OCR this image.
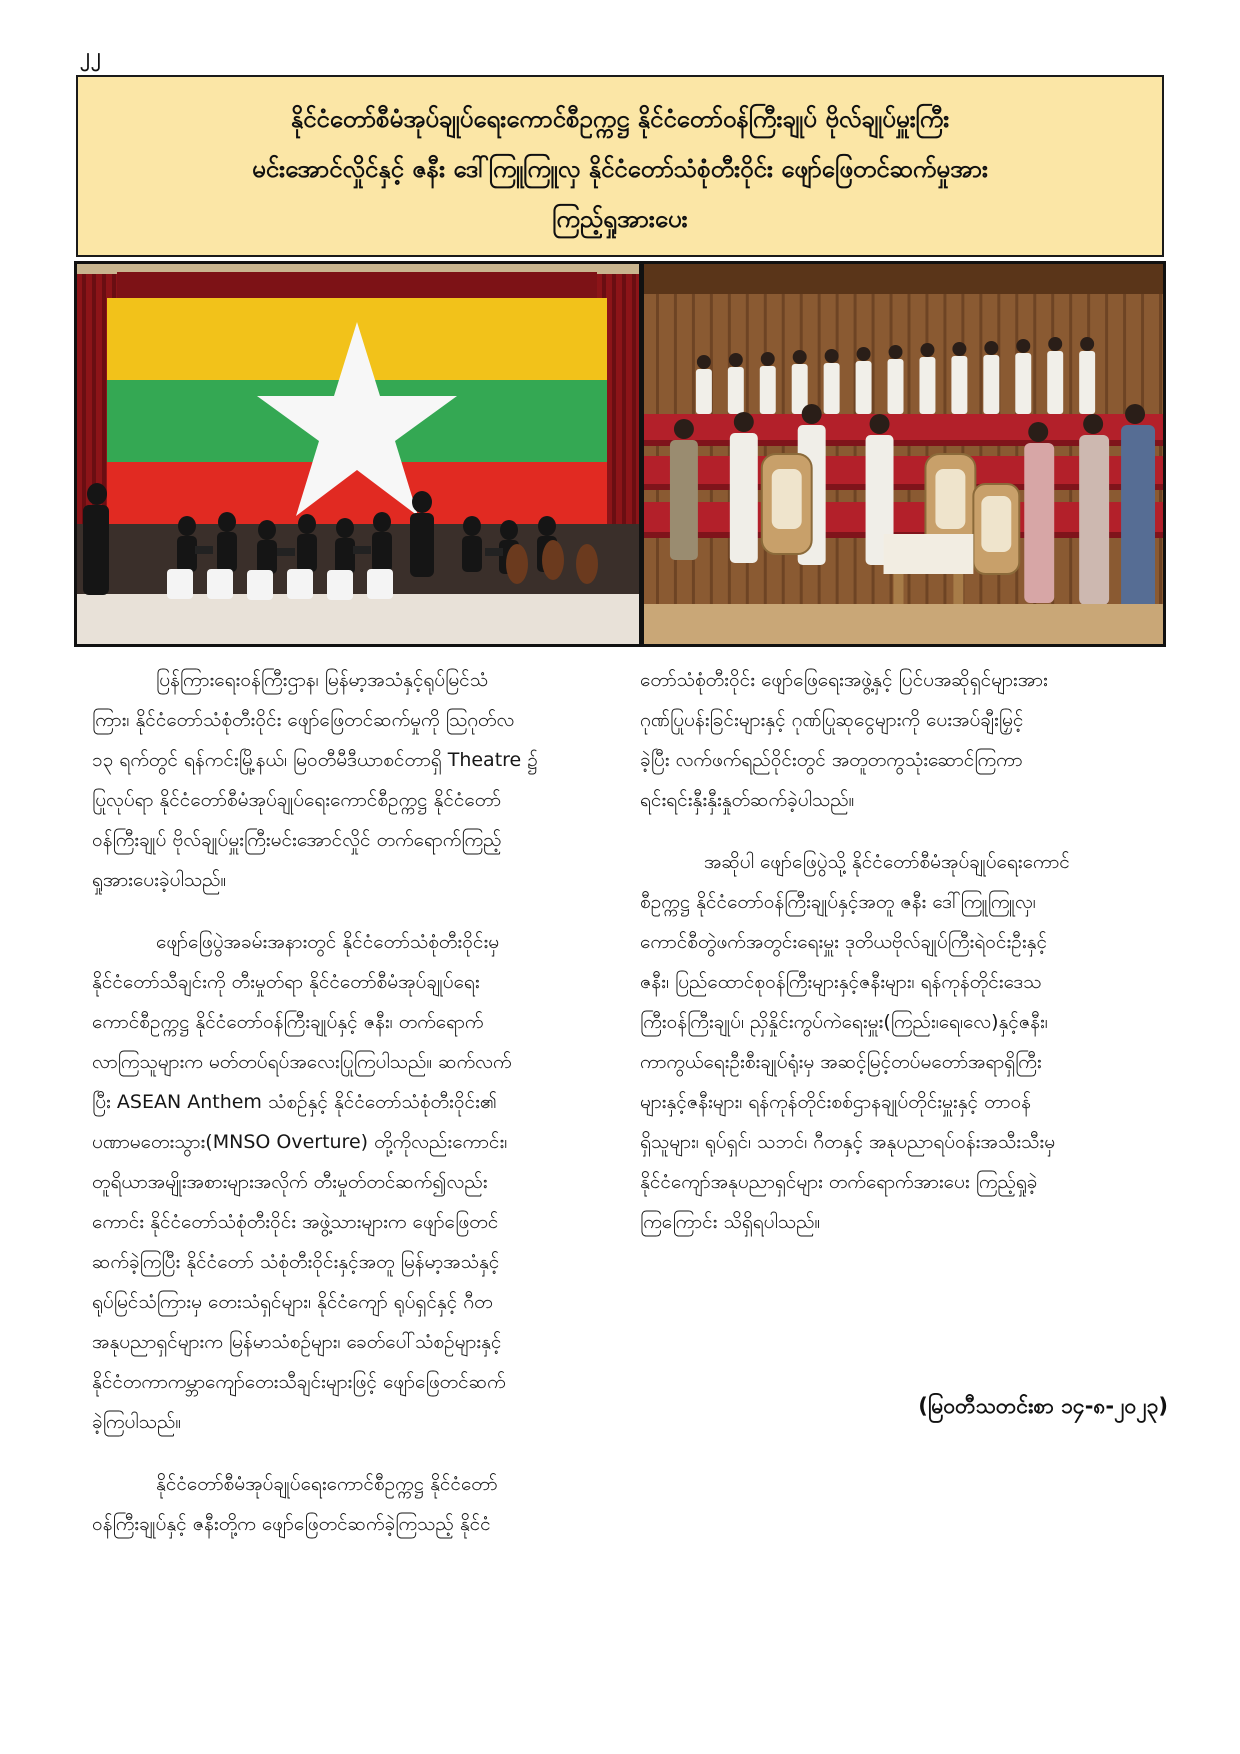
၂၂
နိုင်ငံတော်စီမံအုပ်ချုပ်ရေးကောင်စီဥက္ကဋ္ဌ နိုင်ငံတော်ဝန်ကြီးချုပ် ဗိုလ်ချုပ်မှူးကြီး
မင်းအောင်လှိုင်နှင့် ဇနီး ဒေါ်ကြူကြူလှ နိုင်ငံတော်သံစုံတီးဝိုင်း ဖျော်ဖြေတင်ဆက်မှုအား
ကြည့်ရှုအားပေး
ပြန်ကြားရေးဝန်ကြီးဌာန၊ မြန်မာ့အသံနှင့်ရုပ်မြင်သံ
ကြား၊ နိုင်ငံတော်သံစုံတီးဝိုင်း ဖျော်ဖြေတင်ဆက်မှုကို ဩဂုတ်လ
၁၃ ရက်တွင် ရန်ကင်းမြို့နယ်၊ မြဝတီမီဒီယာစင်တာရှိ Theatre ၌
ပြုလုပ်ရာ နိုင်ငံတော်စီမံအုပ်ချုပ်ရေးကောင်စီဥက္ကဋ္ဌ နိုင်ငံတော်
ဝန်ကြီးချုပ် ဗိုလ်ချုပ်မှူးကြီးမင်းအောင်လှိုင် တက်ရောက်ကြည့်
ရှုအားပေးခဲ့ပါသည်။
ဖျော်ဖြေပွဲအခမ်းအနားတွင် နိုင်ငံတော်သံစုံတီးဝိုင်းမှ
နိုင်ငံတော်သီချင်းကို တီးမှုတ်ရာ နိုင်ငံတော်စီမံအုပ်ချုပ်ရေး
ကောင်စီဥက္ကဋ္ဌ နိုင်ငံတော်ဝန်ကြီးချုပ်နှင့် ဇနီး၊ တက်ရောက်
လာကြသူများက မတ်တပ်ရပ်အလေးပြုကြပါသည်။ ဆက်လက်
ပြီး ASEAN Anthem သံစဉ်နှင့် နိုင်ငံတော်သံစုံတီးဝိုင်း၏
ပဏာမတေးသွား(MNSO Overture) တို့ကိုလည်းကောင်း၊
တူရိယာအမျိုးအစားများအလိုက် တီးမှုတ်တင်ဆက်၍လည်း
ကောင်း နိုင်ငံတော်သံစုံတီးဝိုင်း အဖွဲ့သားများက ဖျော်ဖြေတင်
ဆက်ခဲ့ကြပြီး နိုင်ငံတော် သံစုံတီးဝိုင်းနှင့်အတူ မြန်မာ့အသံနှင့်
ရုပ်မြင်သံကြားမှ တေးသံရှင်များ၊ နိုင်ငံကျော် ရုပ်ရှင်နှင့် ဂီတ
အနုပညာရှင်များက မြန်မာသံစဉ်များ၊ ခေတ်ပေါ်သံစဉ်များနှင့်
နိုင်ငံတကာကမ္ဘာကျော်တေးသီချင်းများဖြင့် ဖျော်ဖြေတင်ဆက်
ခဲ့ကြပါသည်။
နိုင်ငံတော်စီမံအုပ်ချုပ်ရေးကောင်စီဥက္ကဋ္ဌ နိုင်ငံတော်
ဝန်ကြီးချုပ်နှင့် ဇနီးတို့က ဖျော်ဖြေတင်ဆက်ခဲ့ကြသည့် နိုင်ငံ
တော်သံစုံတီးဝိုင်း ဖျော်ဖြေရေးအဖွဲ့နှင့် ပြင်ပအဆိုရှင်များအား
ဂုဏ်ပြုပန်းခြင်းများနှင့် ဂုဏ်ပြုဆုငွေများကို ပေးအပ်ချီးမြှင့်
ခဲ့ပြီး လက်ဖက်ရည်ဝိုင်းတွင် အတူတကွသုံးဆောင်ကြကာ
ရင်းရင်းနှီးနှီးနှုတ်ဆက်ခဲ့ပါသည်။
အဆိုပါ ဖျော်ဖြေပွဲသို့ နိုင်ငံတော်စီမံအုပ်ချုပ်ရေးကောင်
စီဥက္ကဋ္ဌ နိုင်ငံတော်ဝန်ကြီးချုပ်နှင့်အတူ ဇနီး ဒေါ်ကြူကြူလှ၊
ကောင်စီတွဲဖက်အတွင်းရေးမှူး ဒုတိယဗိုလ်ချုပ်ကြီးရဲဝင်းဦးနှင့်
ဇနီး၊ ပြည်ထောင်စုဝန်ကြီးများနှင့်ဇနီးများ၊ ရန်ကုန်တိုင်းဒေသ
ကြီးဝန်ကြီးချုပ်၊ ညှိနှိုင်းကွပ်ကဲရေးမှူး(ကြည်း၊ရေ၊လေ)နှင့်ဇနီး၊
ကာကွယ်ရေးဦးစီးချုပ်ရုံးမှ အဆင့်မြင့်တပ်မတော်အရာရှိကြီး
များနှင့်ဇနီးများ၊ ရန်ကုန်တိုင်းစစ်ဌာနချုပ်တိုင်းမှူးနှင့် တာဝန်
ရှိသူများ၊ ရုပ်ရှင်၊ သဘင်၊ ဂီတနှင့် အနုပညာရပ်ဝန်းအသီးသီးမှ
နိုင်ငံကျော်အနုပညာရှင်များ တက်ရောက်အားပေး ကြည့်ရှုခဲ့
ကြကြောင်း သိရှိရပါသည်။
(မြဝတီသတင်းစာ ၁၄-၈-၂၀၂၃)
